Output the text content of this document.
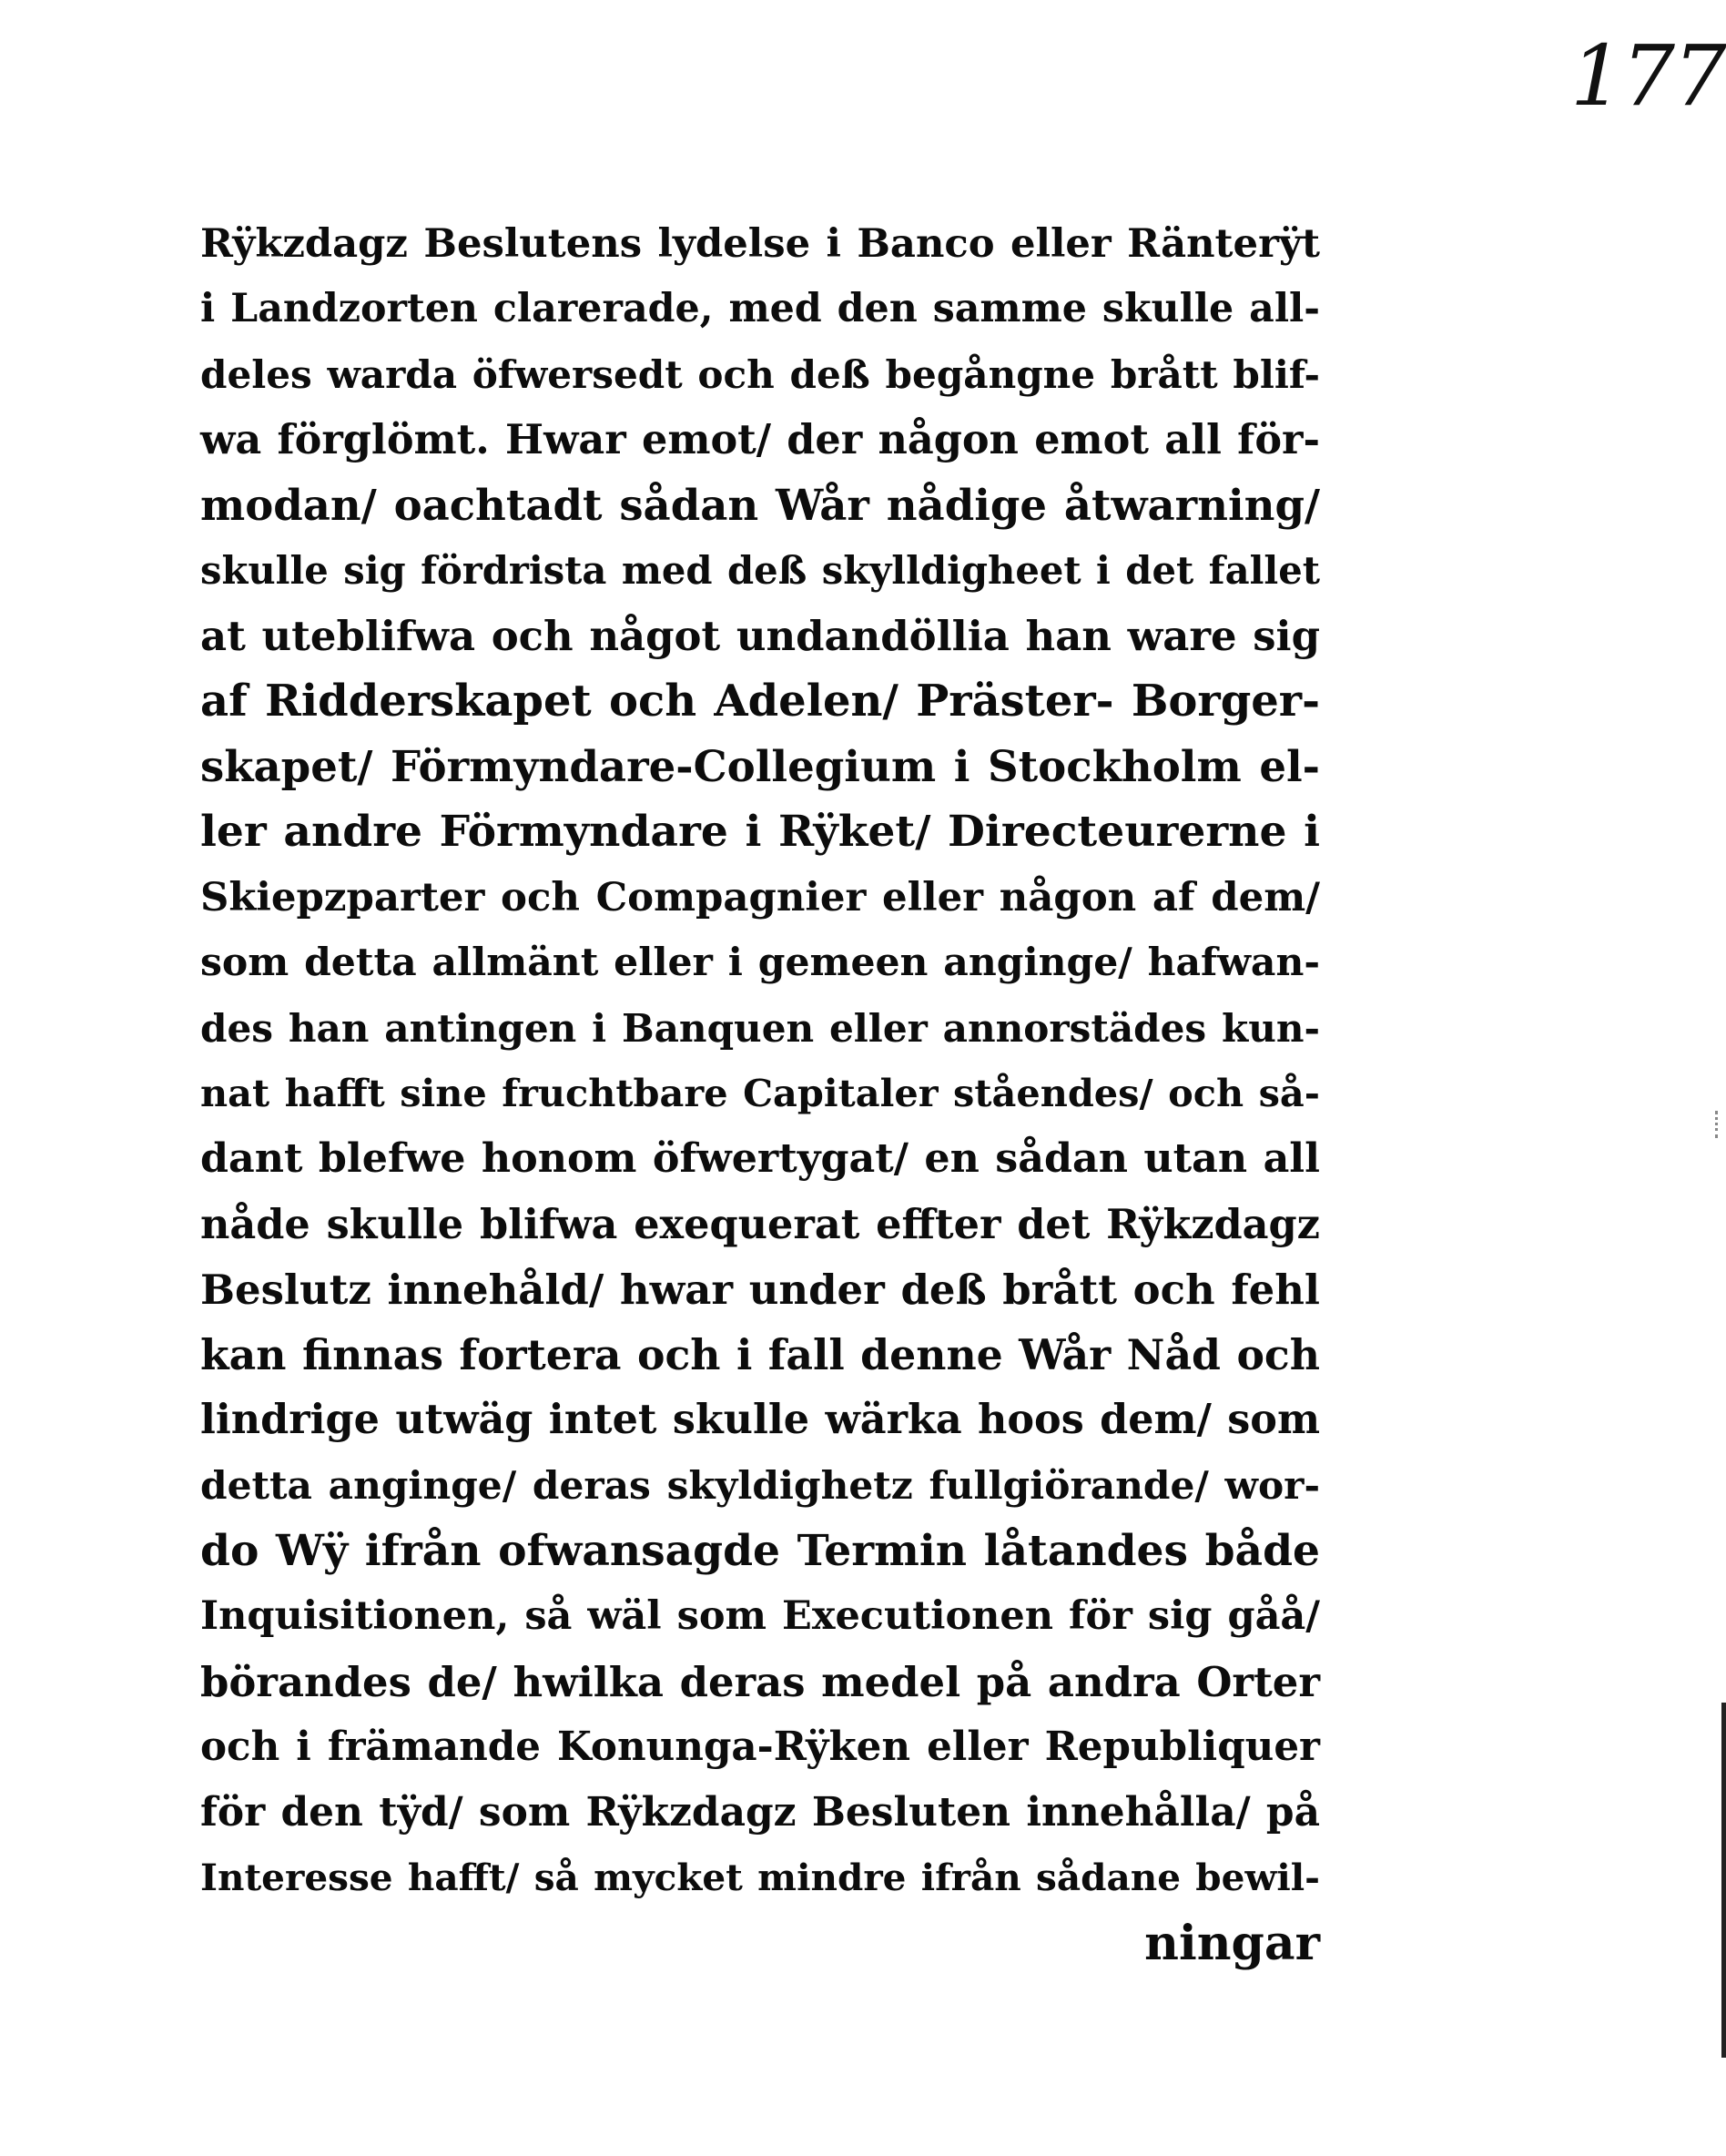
177
Rÿkzdagz Beslutens lydelse i Banco eller Ränterÿt
i Landzorten clarerade, med den samme skulle all-
deles warda öfwersedt och deß begångne brått blif-
wa förglömt. Hwar emot/ der någon emot all för-
modan/ oachtadt sådan Wår nådige åtwarning/
skulle sig fördrista med deß skylldigheet i det fallet
at uteblifwa och något undandöllia han ware sig
af Ridderskapet och Adelen/ Präster- Borger-
skapet/ Förmyndare-Collegium i Stockholm el-
ler andre Förmyndare i Rÿket/ Directeurerne i
Skiepzparter och Compagnier eller någon af dem/
som detta allmänt eller i gemeen anginge/ hafwan-
des han antingen i Banquen eller annorstädes kun-
nat hafft sine fruchtbare Capitaler ståendes/ och så-
dant blefwe honom öfwertygat/ en sådan utan all
nåde skulle blifwa exequerat effter det Rÿkzdagz
Beslutz innehåld/ hwar under deß brått och fehl
kan finnas fortera och i fall denne Wår Nåd och
lindrige utwäg intet skulle wärka hoos dem/ som
detta anginge/ deras skyldighetz fullgiörande/ wor-
do Wÿ ifrån ofwansagde Termin låtandes både
Inquisitionen, så wäl som Executionen för sig gåå/
börandes de/ hwilka deras medel på andra Orter
och i främande Konunga-Rÿken eller Republiquer
för den tÿd/ som Rÿkzdagz Besluten innehålla/ på
Interesse hafft/ så mycket mindre ifrån sådane bewil-
ningar
